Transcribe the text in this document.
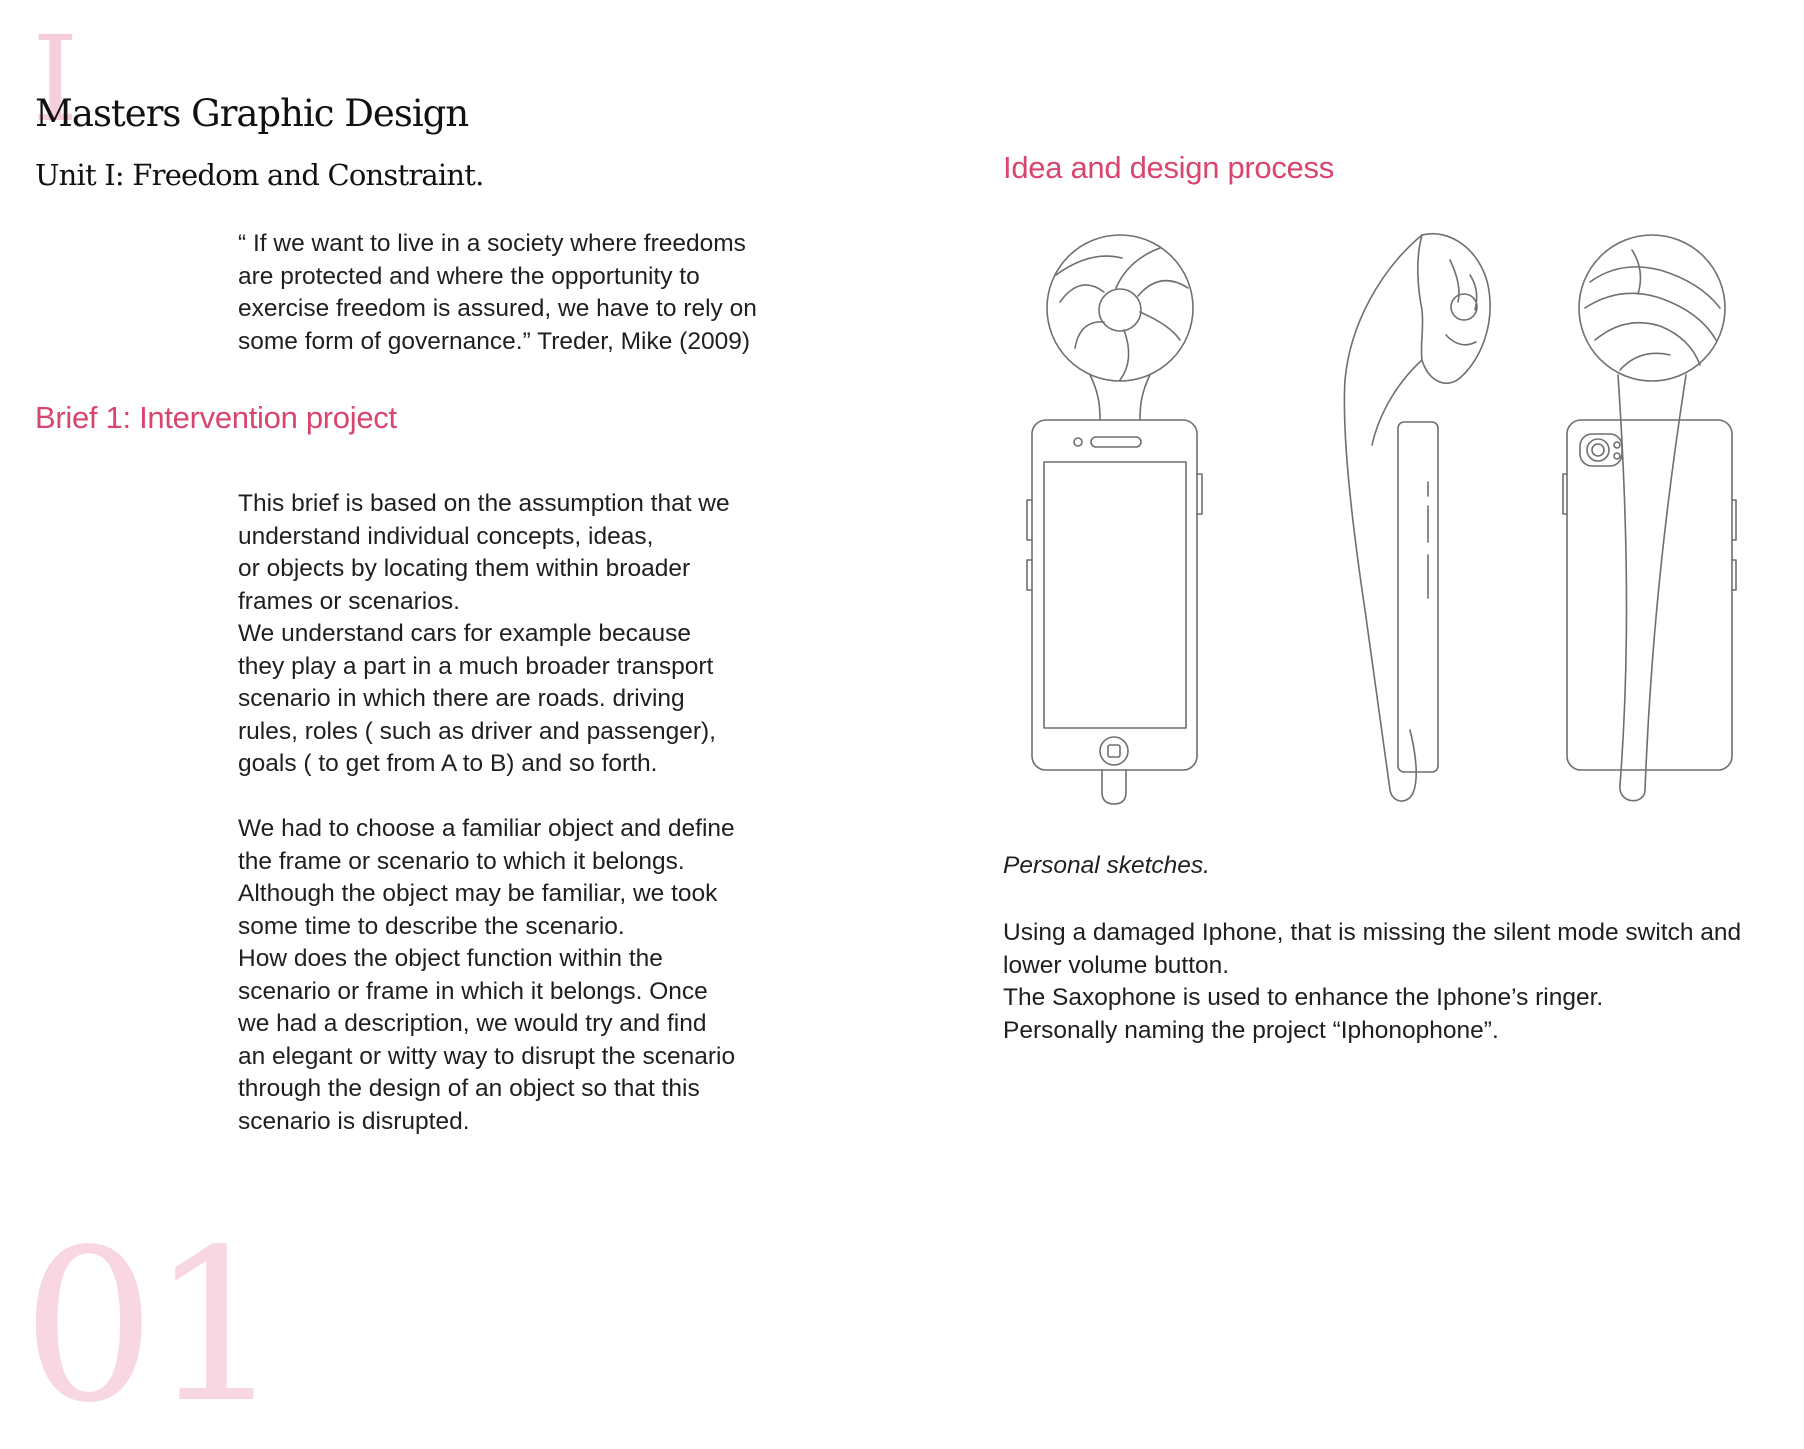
I
01
Masters Graphic Design
Unit I: Freedom and Constraint.

“ If we want to live in a society where freedoms
are protected and where the opportunity to
exercise freedom is assured, we have to rely on
some form of governance.” Treder, Mike (2009)

Brief 1: Intervention project

This brief is based on the assumption that we
understand individual concepts, ideas,
or objects by locating them within broader
frames or scenarios.
We understand cars for example because
they play a part in a much broader transport
scenario in which there are roads. driving
rules, roles ( such as driver and passenger),
goals ( to get from A to B) and so forth.

We had to choose a familiar object and define
the frame or scenario to which it belongs.
Although the object may be familiar, we took
some time to describe the scenario.
How does the object function within the
scenario or frame in which it belongs. Once
we had a description, we would try and find
an elegant or witty way to disrupt the scenario
through the design of an object so that this
scenario is disrupted.

Idea and design process

Personal sketches.

Using a damaged Iphone, that is missing the silent mode switch and
lower volume button.
The Saxophone is used to enhance the Iphone’s ringer.
Personally naming the project “Iphonophone”.
